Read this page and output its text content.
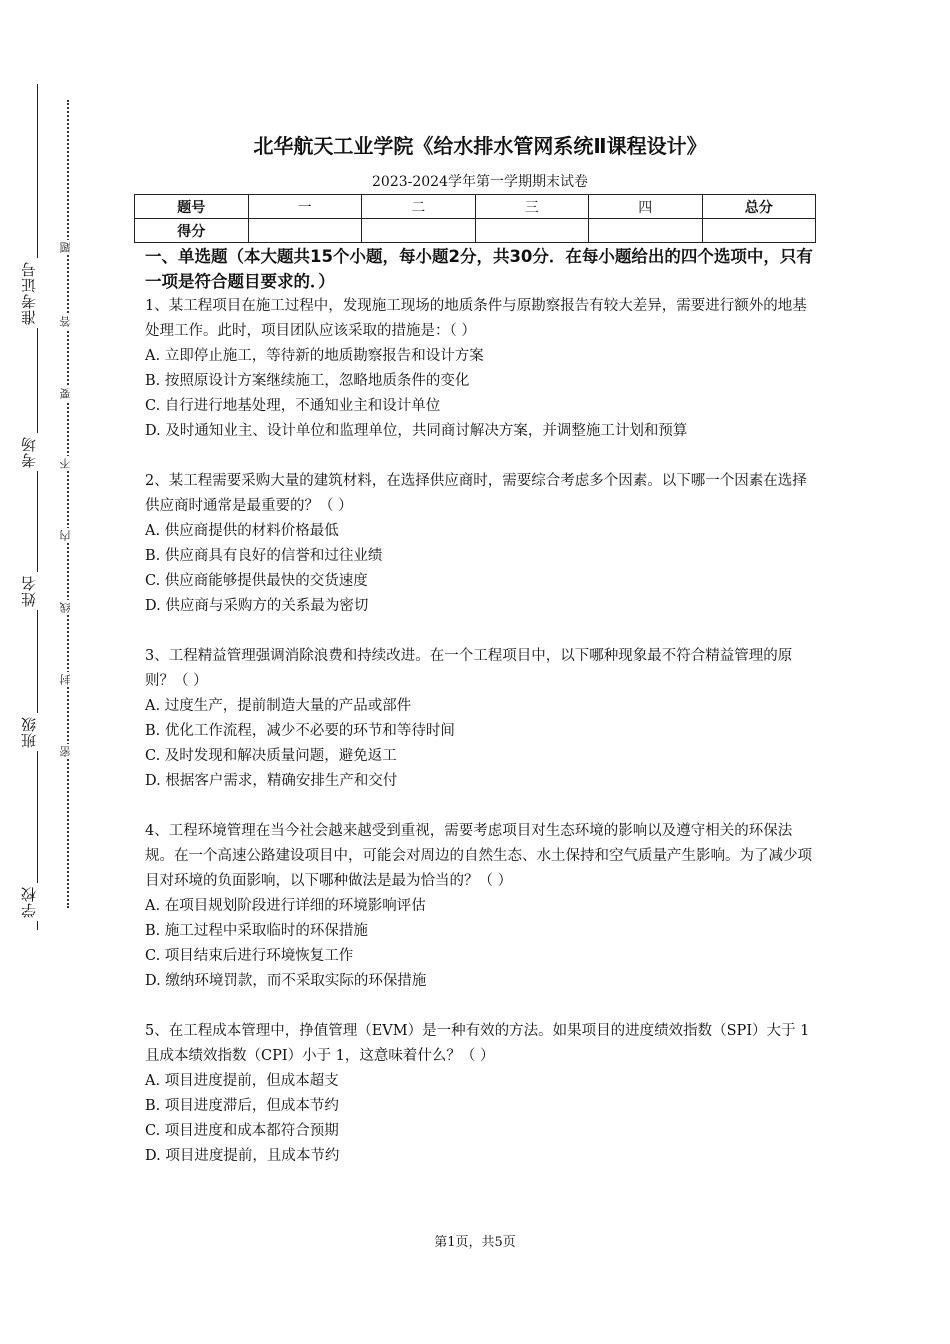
准考证号
考场
姓名
班级
学校
题
答
要
不
内
线
封
密
北华航天工业学院《给水排水管网系统Ⅱ课程设计》
2023-2024学年第一学期期末试卷
题号	一	二	三	四	总分
得分					
一、单选题（本大题共15个小题，每小题2分，共30分．在每小题给出的四个选项中，只有一项是符合题目要求的．）
1、某工程项目在施工过程中，发现施工现场的地质条件与原勘察报告有较大差异，需要进行额外的地基处理工作。此时，项目团队应该采取的措施是：（ ）
A. 立即停止施工，等待新的地质勘察报告和设计方案
B. 按照原设计方案继续施工，忽略地质条件的变化
C. 自行进行地基处理，不通知业主和设计单位
D. 及时通知业主、设计单位和监理单位，共同商讨解决方案，并调整施工计划和预算
2、某工程需要采购大量的建筑材料，在选择供应商时，需要综合考虑多个因素。以下哪一个因素在选择供应商时通常是最重要的？（ ）
A. 供应商提供的材料价格最低
B. 供应商具有良好的信誉和过往业绩
C. 供应商能够提供最快的交货速度
D. 供应商与采购方的关系最为密切
3、工程精益管理强调消除浪费和持续改进。在一个工程项目中，以下哪种现象最不符合精益管理的原则？（ ）
A. 过度生产，提前制造大量的产品或部件
B. 优化工作流程，减少不必要的环节和等待时间
C. 及时发现和解决质量问题，避免返工
D. 根据客户需求，精确安排生产和交付
4、工程环境管理在当今社会越来越受到重视，需要考虑项目对生态环境的影响以及遵守相关的环保法规。在一个高速公路建设项目中，可能会对周边的自然生态、水土保持和空气质量产生影响。为了减少项目对环境的负面影响，以下哪种做法是最为恰当的？（ ）
A. 在项目规划阶段进行详细的环境影响评估
B. 施工过程中采取临时的环保措施
C. 项目结束后进行环境恢复工作
D. 缴纳环境罚款，而不采取实际的环保措施
5、在工程成本管理中，挣值管理（EVM）是一种有效的方法。如果项目的进度绩效指数（SPI）大于 1 且成本绩效指数（CPI）小于 1，这意味着什么？（ ）
A. 项目进度提前，但成本超支
B. 项目进度滞后，但成本节约
C. 项目进度和成本都符合预期
D. 项目进度提前，且成本节约
第1页，共5页
